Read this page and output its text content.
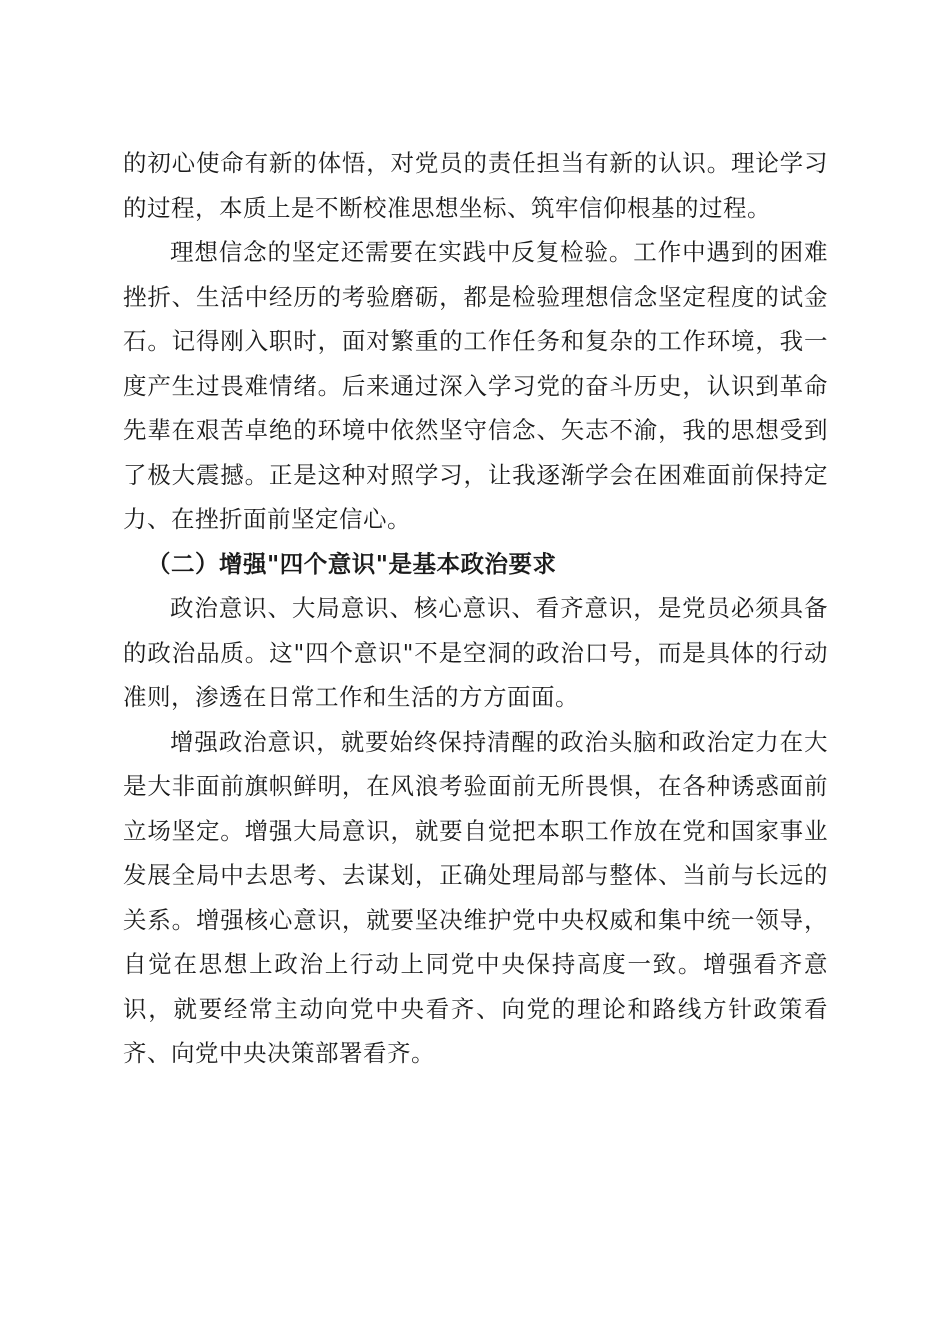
的初心使命有新的体悟，对党员的责任担当有新的认识。理论学习的过程，本质上是不断校准思想坐标、筑牢信仰根基的过程。

理想信念的坚定还需要在实践中反复检验。工作中遇到的困难挫折、生活中经历的考验磨砺，都是检验理想信念坚定程度的试金石。记得刚入职时，面对繁重的工作任务和复杂的工作环境，我一度产生过畏难情绪。后来通过深入学习党的奋斗历史，认识到革命先辈在艰苦卓绝的环境中依然坚守信念、矢志不渝，我的思想受到了极大震撼。正是这种对照学习，让我逐渐学会在困难面前保持定力、在挫折面前坚定信心。

（二）增强"四个意识"是基本政治要求

政治意识、大局意识、核心意识、看齐意识，是党员必须具备的政治品质。这"四个意识"不是空洞的政治口号，而是具体的行动准则，渗透在日常工作和生活的方方面面。

增强政治意识，就要始终保持清醒的政治头脑和政治定力在大是大非面前旗帜鲜明，在风浪考验面前无所畏惧，在各种诱惑面前立场坚定。增强大局意识，就要自觉把本职工作放在党和国家事业发展全局中去思考、去谋划，正确处理局部与整体、当前与长远的关系。增强核心意识，就要坚决维护党中央权威和集中统一领导，自觉在思想上政治上行动上同党中央保持高度一致。增强看齐意识，就要经常主动向党中央看齐、向党的理论和路线方针政策看齐、向党中央决策部署看齐。
